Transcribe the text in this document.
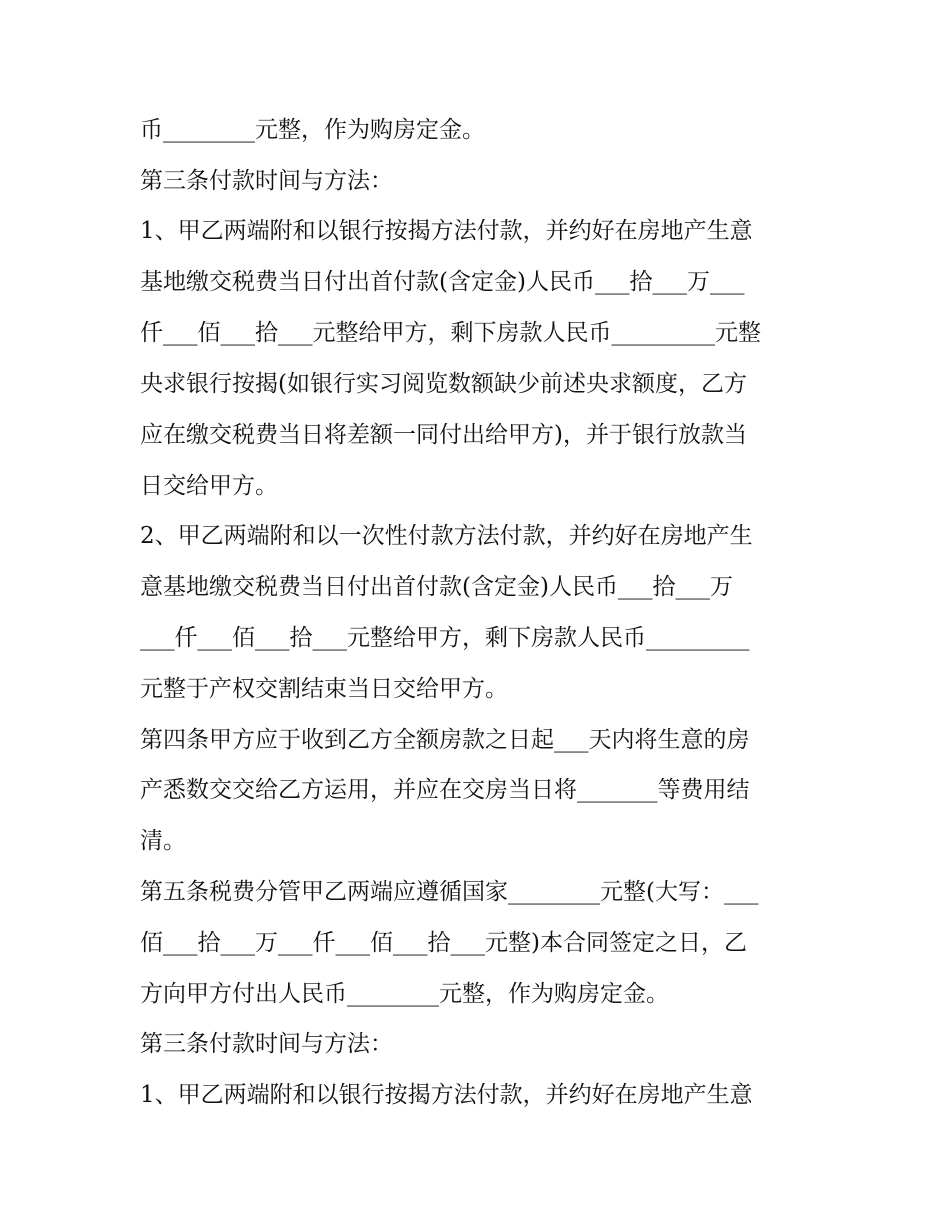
币________元整，作为购房定金。

第三条付款时间与方法：

1、甲乙两端附和以银行按揭方法付款，并约好在房地产生意

基地缴交税费当日付出首付款(含定金)人民币___拾___万___

仟___佰___拾___元整给甲方，剩下房款人民币_________元整

央求银行按揭(如银行实习阅览数额缺少前述央求额度，乙方

应在缴交税费当日将差额一同付出给甲方)，并于银行放款当

日交给甲方。

2、甲乙两端附和以一次性付款方法付款，并约好在房地产生

意基地缴交税费当日付出首付款(含定金)人民币___拾___万

___仟___佰___拾___元整给甲方，剩下房款人民币_________

元整于产权交割结束当日交给甲方。

第四条甲方应于收到乙方全额房款之日起___天内将生意的房

产悉数交交给乙方运用，并应在交房当日将_______等费用结

清。

第五条税费分管甲乙两端应遵循国家________元整(大写：___

佰___拾___万___仟___佰___拾___元整)本合同签定之日，乙

方向甲方付出人民币________元整，作为购房定金。

第三条付款时间与方法：

1、甲乙两端附和以银行按揭方法付款，并约好在房地产生意
